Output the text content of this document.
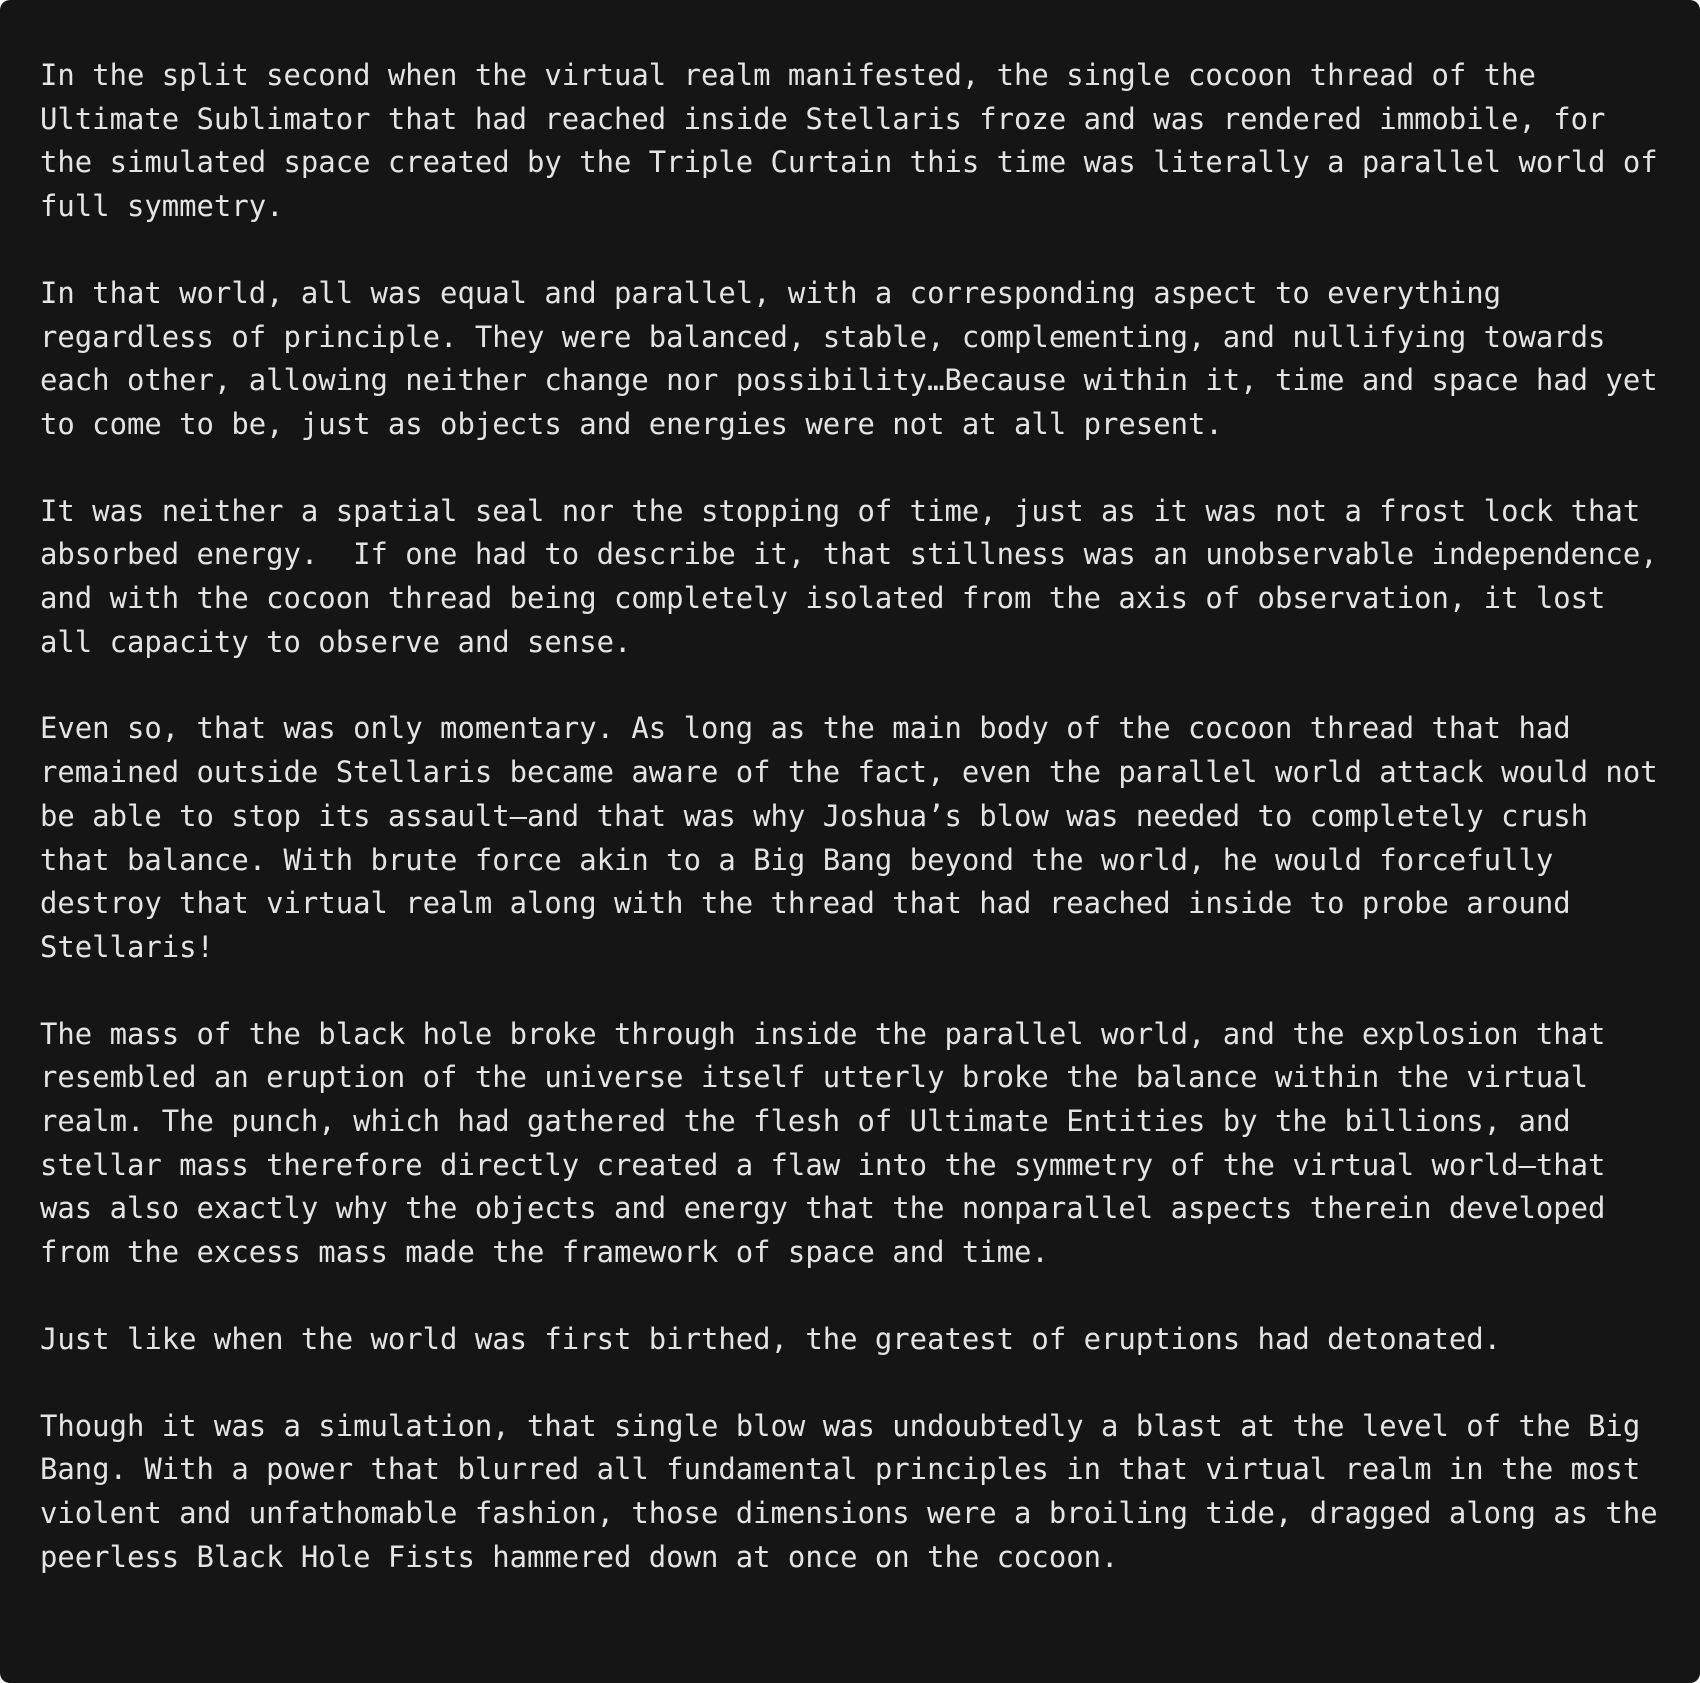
In the split second when the virtual realm manifested, the single cocoon thread of the Ultimate Sublimator that had reached inside Stellaris froze and was rendered immobile, for the simulated space created by the Triple Curtain this time was literally a parallel world of full symmetry.

In that world, all was equal and parallel, with a corresponding aspect to everything regardless of principle. They were balanced, stable, complementing, and nullifying towards each other, allowing neither change nor possibility…Because within it, time and space had yet to come to be, just as objects and energies were not at all present.

It was neither a spatial seal nor the stopping of time, just as it was not a frost lock that absorbed energy.  If one had to describe it, that stillness was an unobservable independence, and with the cocoon thread being completely isolated from the axis of observation, it lost all capacity to observe and sense.

Even so, that was only momentary. As long as the main body of the cocoon thread that had remained outside Stellaris became aware of the fact, even the parallel world attack would not be able to stop its assault—and that was why Joshua’s blow was needed to completely crush that balance. With brute force akin to a Big Bang beyond the world, he would forcefully destroy that virtual realm along with the thread that had reached inside to probe around Stellaris!

The mass of the black hole broke through inside the parallel world, and the explosion that resembled an eruption of the universe itself utterly broke the balance within the virtual realm. The punch, which had gathered the flesh of Ultimate Entities by the billions, and stellar mass therefore directly created a flaw into the symmetry of the virtual world—that was also exactly why the objects and energy that the nonparallel aspects therein developed from the excess mass made the framework of space and time.

Just like when the world was first birthed, the greatest of eruptions had detonated.

Though it was a simulation, that single blow was undoubtedly a blast at the level of the Big Bang. With a power that blurred all fundamental principles in that virtual realm in the most violent and unfathomable fashion, those dimensions were a broiling tide, dragged along as the peerless Black Hole Fists hammered down at once on the cocoon.
